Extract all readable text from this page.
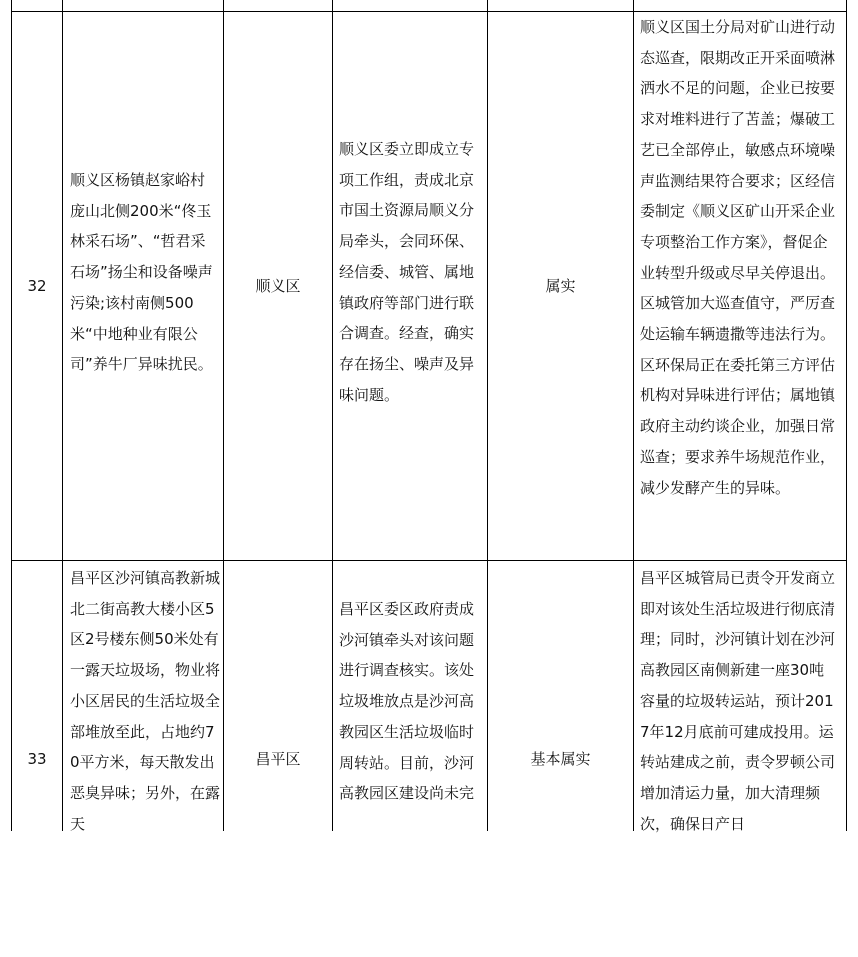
32
顺义区杨镇赵家峪村庞山北侧200米“佟玉林采石场”、“哲君采石场”扬尘和设备噪声污染;该村南侧500米“中地种业有限公司”养牛厂异味扰民。
顺义区
顺义区委立即成立专项工作组，责成北京市国土资源局顺义分局牵头，会同环保、经信委、城管、属地镇政府等部门进行联合调查。经查，确实存在扬尘、噪声及异味问题。
属实
顺义区国土分局对矿山进行动态巡查，限期改正开采面喷淋洒水不足的问题，企业已按要求对堆料进行了苫盖；爆破工艺已全部停止，敏感点环境噪声监测结果符合要求；区经信委制定《顺义区矿山开采企业专项整治工作方案》，督促企业转型升级或尽早关停退出。区城管加大巡查值守，严厉查处运输车辆遗撒等违法行为。区环保局正在委托第三方评估机构对异味进行评估；属地镇政府主动约谈企业，加强日常巡查；要求养牛场规范作业，减少发酵产生的异味。
33
昌平区沙河镇高教新城北二街高教大楼小区5区2号楼东侧50米处有一露天垃圾场，物业将小区居民的生活垃圾全部堆放至此，占地约70平方米，每天散发出恶臭异味；另外，在露天
昌平区
昌平区委区政府责成沙河镇牵头对该问题进行调查核实。该处垃圾堆放点是沙河高教园区生活垃圾临时周转站。目前，沙河高教园区建设尚未完
基本属实
昌平区城管局已责令开发商立即对该处生活垃圾进行彻底清理；同时，沙河镇计划在沙河高教园区南侧新建一座30吨容量的垃圾转运站，预计2017年12月底前可建成投用。运转站建成之前，责令罗顿公司增加清运力量，加大清理频次，确保日产日
